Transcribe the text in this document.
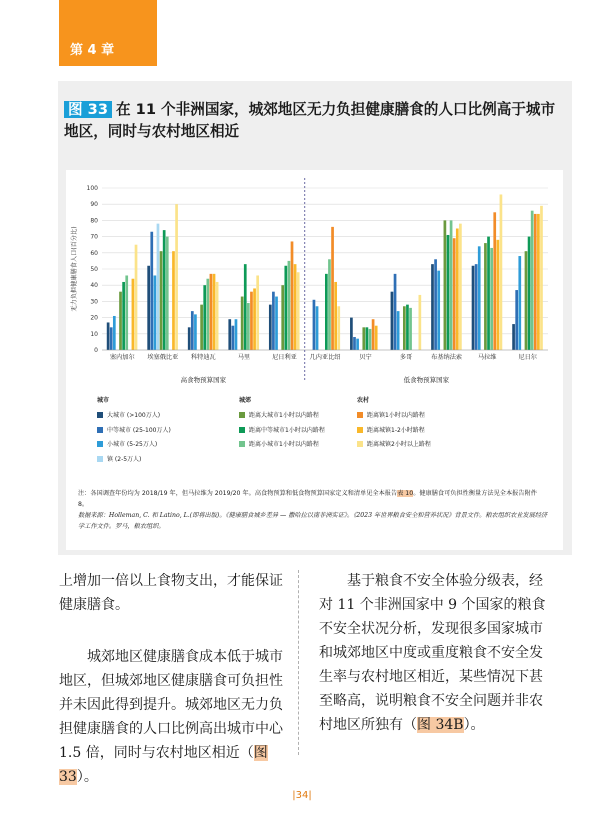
第 4 章
图 33 在 11 个非洲国家，城郊地区无力负担健康膳食的人口比例高于城市地区，同时与农村地区相近
0
10
20
30
40
50
60
70
80
90
100
无力负担健康膳食人口(百分比)
塞内加尔 埃塞俄比亚 科特迪瓦	马里	尼日利亚 几内亚比绍	贝宁	多哥	布基纳法索	马拉维	尼日尔
高食物预算国家	低食物预算国家
城市
大城市 (>100万人)
中等城市 (25-100万人)
小城市 (5-25万人)
镇 (2-5万人)
城郊
距离大城市1小时以内路程
距离中等城市1小时以内路程
距离小城市1小时以内路程
农村
距离镇1小时以内路程
距离城镇1-2小时路程
距离城镇2小时以上路程
注：各国调查年份均为 2018/19 年，但马拉维为 2019/20 年。高食物预算和低食物预算国家定义和清单见全本报告表 10。健康膳食可负担性衡量方法见全本报告附件 8。
数据来源：Holleman, C. 和 Latino, L.(即将出版)。《健康膳食城乡差异 — 撒哈拉以南非洲实证》。《2023 年世界粮食安全和营养状况》背景文件。粮农组织农业发展经济学工作文件。罗马，粮农组织。
上增加一倍以上食物支出，才能保证健康膳食。
城郊地区健康膳食成本低于城市地区，但城郊地区健康膳食可负担性并未因此得到提升。城郊地区无力负担健康膳食的人口比例高出城市中心 1.5 倍，同时与农村地区相近（图 33）。
基于粮食不安全体验分级表，经对 11 个非洲国家中 9 个国家的粮食不安全状况分析，发现很多国家城市和城郊地区中度或重度粮食不安全发生率与农村地区相近，某些情况下甚至略高，说明粮食不安全问题并非农村地区所独有（图 34B）。
|34|
